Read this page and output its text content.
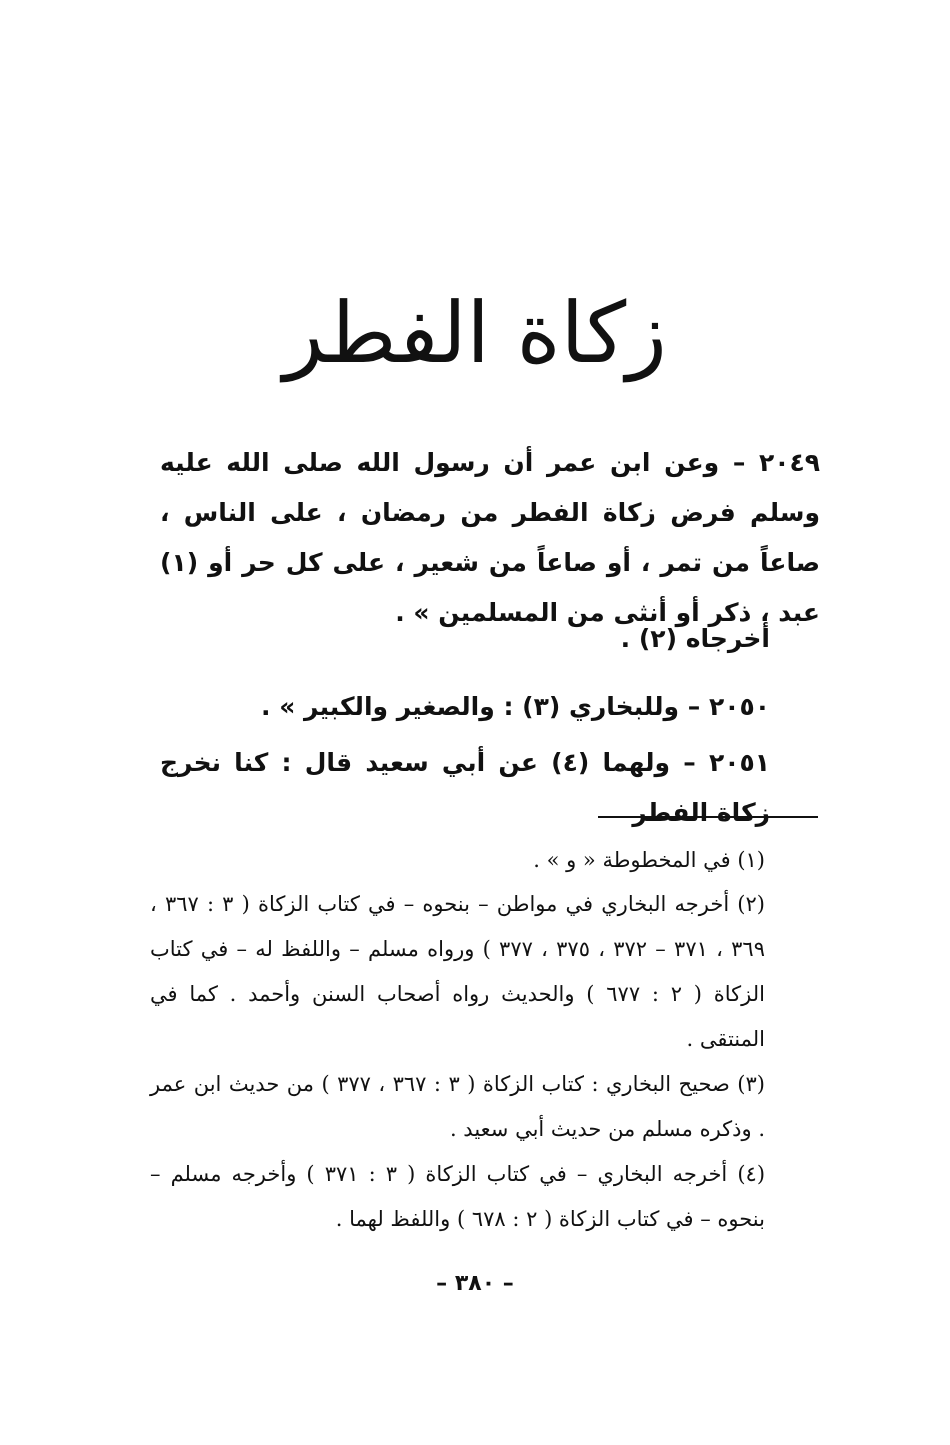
زكاة الفطر
٢٠٤٩ – وعن ابن عمر أن رسول الله صلى الله عليه وسلم فرض زكاة الفطر من رمضان ، على الناس ، صاعاً من تمر ، أو صاعاً من شعير ، على كل حر أو (١) عبد ، ذكر أو أنثى من المسلمين » .
أخرجاه (٢) .
٢٠٥٠ – وللبخاري (٣) : والصغير والكبير » .
٢٠٥١ – ولهما (٤) عن أبي سعيد قال : كنا نخرج زكاة الفطر

(١) في المخطوطة « و » .

(٢) أخرجه البخاري في مواطن – بنحوه – في كتاب الزكاة ( ٣ : ٣٦٧ ، ٣٦٩ ، ٣٧١ – ٣٧٢ ، ٣٧٥ ، ٣٧٧ ) ورواه مسلم – واللفظ له – في كتاب الزكاة ( ٢ : ٦٧٧ ) والحديث رواه أصحاب السنن وأحمد . كما في المنتقى .

(٣) صحيح البخاري : كتاب الزكاة ( ٣ : ٣٦٧ ، ٣٧٧ ) من حديث ابن عمر . وذكره مسلم من حديث أبي سعيد .

(٤) أخرجه البخاري – في كتاب الزكاة ( ٣ : ٣٧١ ) وأخرجه مسلم – بنحوه – في كتاب الزكاة ( ٢ : ٦٧٨ ) واللفظ لهما .

– ٣٨٠ –
